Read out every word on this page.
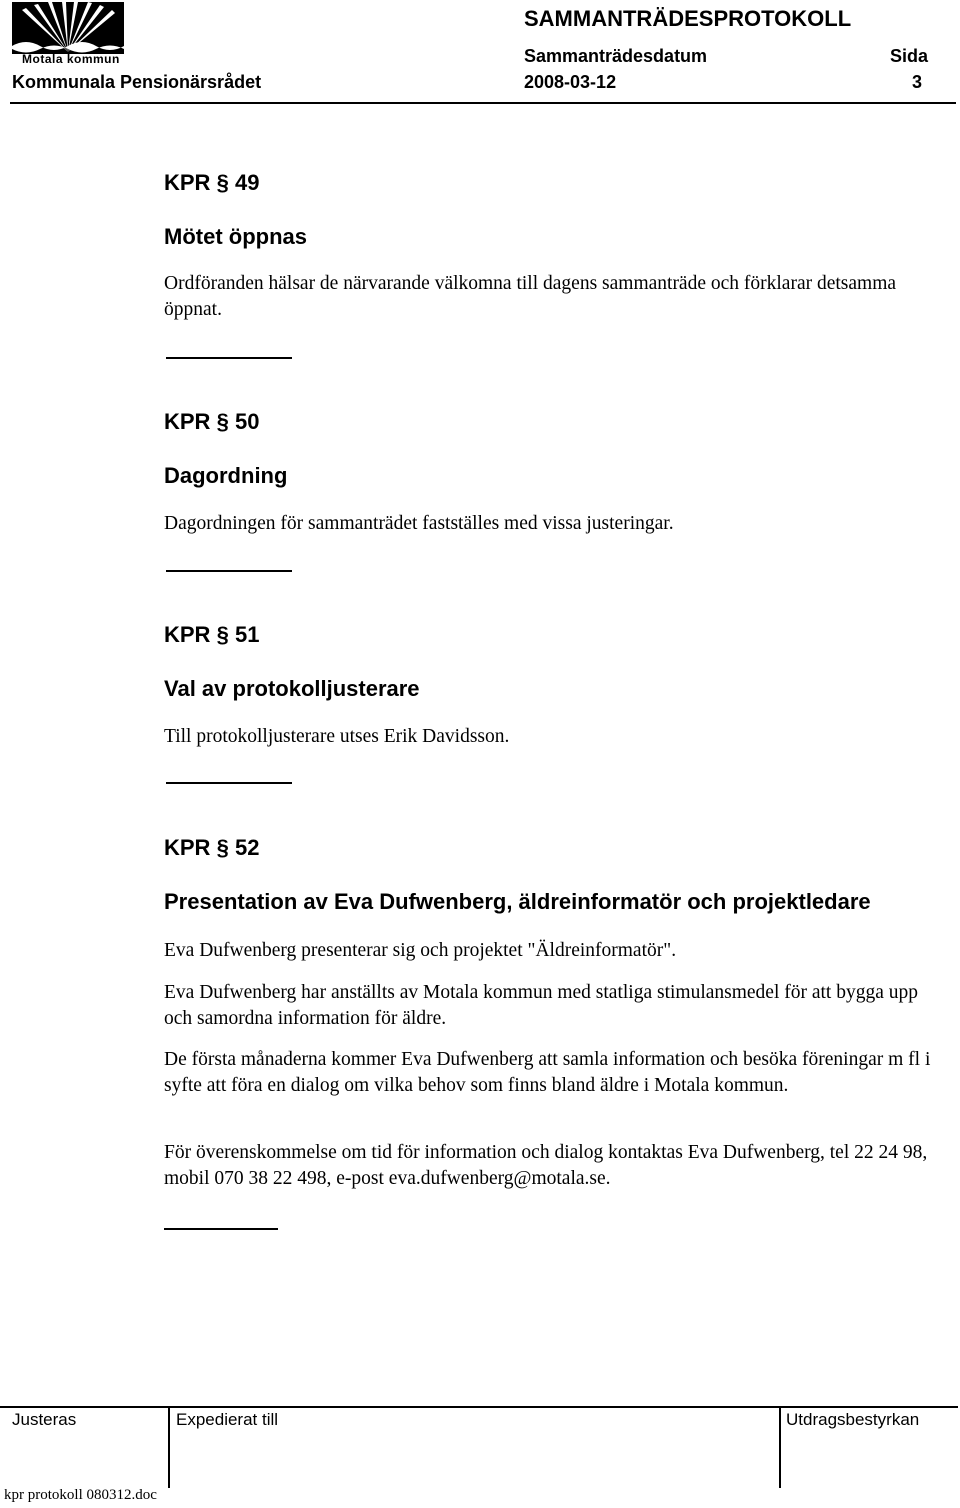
Motala kommun
SAMMANTRÄDESPROTOKOLL
Sammanträdesdatum	Sida
Kommunala Pensionärsrådet	2008-03-12	3
KPR § 49
Mötet öppnas
Ordföranden hälsar de närvarande välkomna till dagens sammanträde och förklarar detsamma öppnat.
KPR § 50
Dagordning
Dagordningen för sammanträdet fastställes med vissa justeringar.
KPR § 51
Val av protokolljusterare
Till protokolljusterare utses Erik Davidsson.
KPR § 52
Presentation av Eva Dufwenberg, äldreinformatör och projektledare
Eva Dufwenberg presenterar sig och projektet "Äldreinformatör".
Eva Dufwenberg har anställts av Motala kommun med statliga stimulansmedel för att bygga upp och samordna information för äldre.
De första månaderna kommer Eva Dufwenberg att samla information och besöka föreningar m fl i syfte att föra en dialog om vilka behov som finns bland äldre i Motala kommun.
För överenskommelse om tid för information och dialog kontaktas Eva Dufwenberg, tel 22 24 98, mobil 070 38 22 498, e-post eva.dufwenberg@motala.se.
Justeras	Expedierat till	Utdragsbestyrkan
kpr protokoll 080312.doc
